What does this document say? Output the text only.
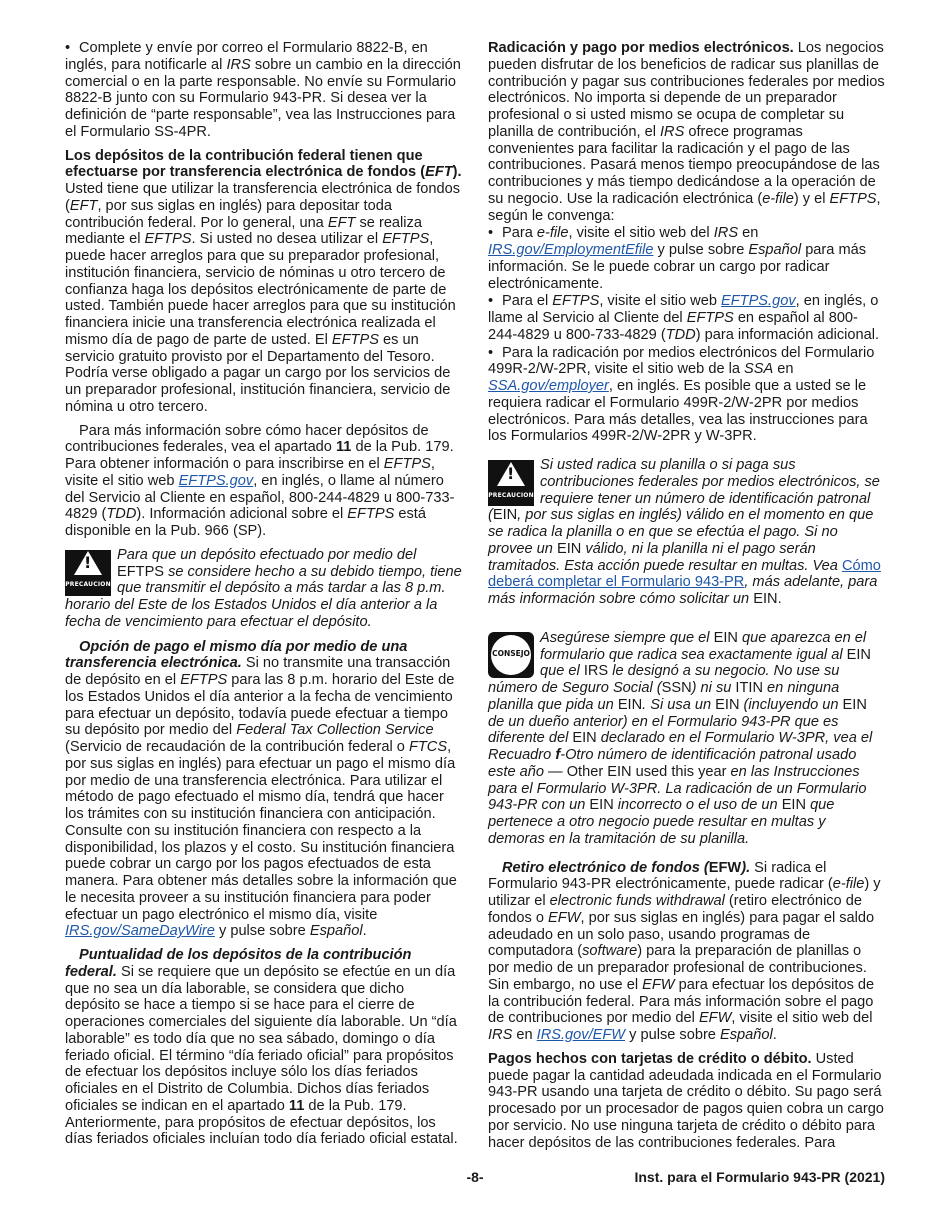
• Complete y envíe por correo el Formulario 8822-B, en inglés, para notificarle al IRS sobre un cambio en la dirección comercial o en la parte responsable. No envíe su Formulario 8822-B junto con su Formulario 943-PR. Si desea ver la definición de “parte responsable”, vea las Instrucciones para el Formulario SS-4PR.

Los depósitos de la contribución federal tienen que efectuarse por transferencia electrónica de fondos (EFT). Usted tiene que utilizar la transferencia electrónica de fondos (EFT, por sus siglas en inglés) para depositar toda contribución federal. Por lo general, una EFT se realiza mediante el EFTPS. Si usted no desea utilizar el EFTPS, puede hacer arreglos para que su preparador profesional, institución financiera, servicio de nóminas u otro tercero de confianza haga los depósitos electrónicamente de parte de usted. También puede hacer arreglos para que su institución financiera inicie una transferencia electrónica realizada el mismo día de pago de parte de usted. El EFTPS es un servicio gratuito provisto por el Departamento del Tesoro. Podría verse obligado a pagar un cargo por los servicios de un preparador profesional, institución financiera, servicio de nómina u otro tercero.

Para más información sobre cómo hacer depósitos de contribuciones federales, vea el apartado 11 de la Pub. 179. Para obtener información o para inscribirse en el EFTPS, visite el sitio web EFTPS.gov, en inglés, o llame al número del Servicio al Cliente en español, 800-244-4829 u 800-733-4829 (TDD). Información adicional sobre el EFTPS está disponible en la Pub. 966 (SP).

!
PRECAUCION
Para que un depósito efectuado por medio del EFTPS se considere hecho a su debido tiempo, tiene que transmitir el depósito a más tardar a las 8 p.m. horario del Este de los Estados Unidos el día anterior a la fecha de vencimiento para efectuar el depósito.

Opción de pago el mismo día por medio de una transferencia electrónica. Si no transmite una transacción de depósito en el EFTPS para las 8 p.m. horario del Este de los Estados Unidos el día anterior a la fecha de vencimiento para efectuar un depósito, todavía puede efectuar a tiempo su depósito por medio del Federal Tax Collection Service (Servicio de recaudación de la contribución federal o FTCS, por sus siglas en inglés) para efectuar un pago el mismo día por medio de una transferencia electrónica. Para utilizar el método de pago efectuado el mismo día, tendrá que hacer los trámites con su institución financiera con anticipación. Consulte con su institución financiera con respecto a la disponibilidad, los plazos y el costo. Su institución financiera puede cobrar un cargo por los pagos efectuados de esta manera. Para obtener más detalles sobre la información que le necesita proveer a su institución financiera para poder efectuar un pago electrónico el mismo día, visite IRS.gov/SameDayWire y pulse sobre Español.

Puntualidad de los depósitos de la contribución federal. Si se requiere que un depósito se efectúe en un día que no sea un día laborable, se considera que dicho depósito se hace a tiempo si se hace para el cierre de operaciones comerciales del siguiente día laborable. Un “día laborable” es todo día que no sea sábado, domingo o día feriado oficial. El término “día feriado oficial” para propósitos de efectuar los depósitos incluye sólo los días feriados oficiales en el Distrito de Columbia. Dichos días feriados oficiales se indican en el apartado 11 de la Pub. 179. Anteriormente, para propósitos de efectuar depósitos, los días feriados oficiales incluían todo día feriado oficial estatal.

Radicación y pago por medios electrónicos. Los negocios pueden disfrutar de los beneficios de radicar sus planillas de contribución y pagar sus contribuciones federales por medios electrónicos. No importa si depende de un preparador profesional o si usted mismo se ocupa de completar su planilla de contribución, el IRS ofrece programas convenientes para facilitar la radicación y el pago de las contribuciones. Pasará menos tiempo preocupándose de las contribuciones y más tiempo dedicándose a la operación de su negocio. Use la radicación electrónica (e-file) y el EFTPS, según le convenga:

• Para e-file, visite el sitio web del IRS en IRS.gov/EmploymentEfile y pulse sobre Español para más información. Se le puede cobrar un cargo por radicar electrónicamente.

• Para el EFTPS, visite el sitio web EFTPS.gov, en inglés, o llame al Servicio al Cliente del EFTPS en español al 800-244-4829 u 800-733-4829 (TDD) para información adicional.

• Para la radicación por medios electrónicos del Formulario 499R-2/W-2PR, visite el sitio web de la SSA en SSA.gov/employer, en inglés. Es posible que a usted se le requiera radicar el Formulario 499R-2/W-2PR por medios electrónicos. Para más detalles, vea las instrucciones para los Formularios 499R-2/W-2PR y W-3PR.

!
PRECAUCION
Si usted radica su planilla o si paga sus contribuciones federales por medios electrónicos, se requiere tener un número de identificación patronal (EIN, por sus siglas en inglés) válido en el momento en que se radica la planilla o en que se efectúa el pago. Si no provee un EIN válido, ni la planilla ni el pago serán tramitados. Esta acción puede resultar en multas. Vea Cómo deberá completar el Formulario 943-PR, más adelante, para más información sobre cómo solicitar un EIN.
CONSEJO
Asegúrese siempre que el EIN que aparezca en el formulario que radica sea exactamente igual al EIN que el IRS le designó a su negocio. No use su número de Seguro Social (SSN) ni su ITIN en ninguna planilla que pida un EIN. Si usa un EIN (incluyendo un EIN de un dueño anterior) en el Formulario 943-PR que es diferente del EIN declarado en el Formulario W-3PR, vea el Recuadro f-Otro número de identificación patronal usado este año — Other EIN used this year en las Instrucciones para el Formulario W-3PR. La radicación de un Formulario 943-PR con un EIN incorrecto o el uso de un EIN que pertenece a otro negocio puede resultar en multas y demoras en la tramitación de su planilla.

Retiro electrónico de fondos (EFW). Si radica el Formulario 943-PR electrónicamente, puede radicar (e-file) y utilizar el electronic funds withdrawal (retiro electrónico de fondos o EFW, por sus siglas en inglés) para pagar el saldo adeudado en un solo paso, usando programas de computadora (software) para la preparación de planillas o por medio de un preparador profesional de contribuciones. Sin embargo, no use el EFW para efectuar los depósitos de la contribución federal. Para más información sobre el pago de contribuciones por medio del EFW, visite el sitio web del IRS en IRS.gov/EFW y pulse sobre Español.

Pagos hechos con tarjetas de crédito o débito. Usted puede pagar la cantidad adeudada indicada en el Formulario 943-PR usando una tarjeta de crédito o débito. Su pago será procesado por un procesador de pagos quien cobra un cargo por servicio. No use ninguna tarjeta de crédito o débito para hacer depósitos de las contribuciones federales. Para

-8-	Inst. para el Formulario 943-PR (2021)
